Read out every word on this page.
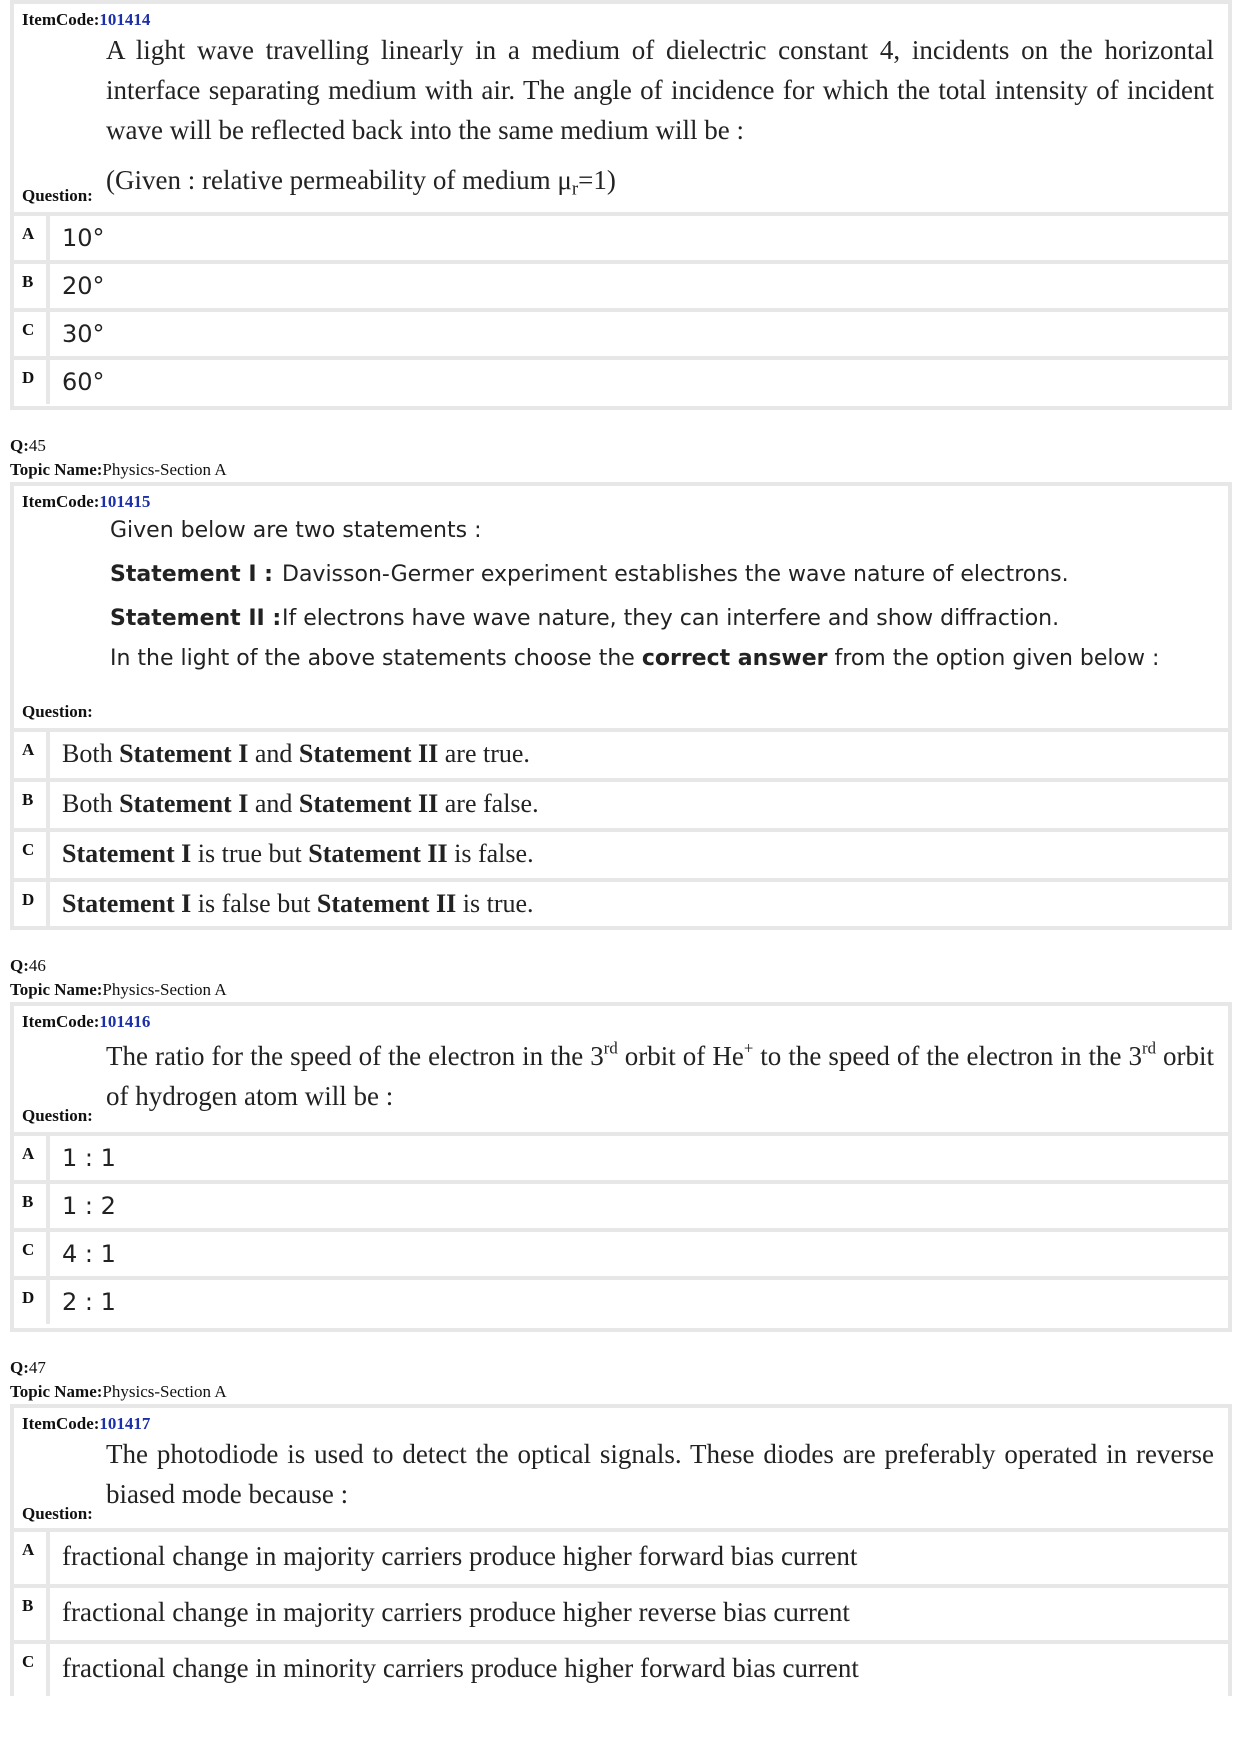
ItemCode:101414
A light wave travelling linearly in a medium of dielectric constant 4, incidents on the horizontal interface separating medium with air. The angle of incidence for which the total intensity of incident wave will be reflected back into the same medium will be :
(Given : relative permeability of medium $\mu_r=1$)
Question:
A 10°
B 20°
C 30°
D 60°
Q:45
Topic Name:Physics-Section A
ItemCode:101415
Given below are two statements :
Statement I : Davisson-Germer experiment establishes the wave nature of electrons.
Statement II :If electrons have wave nature, they can interfere and show diffraction.
In the light of the above statements choose the correct answer from the option given below :
Question:
A Both Statement I and Statement II are true.
B Both Statement I and Statement II are false.
C Statement I is true but Statement II is false.
D Statement I is false but Statement II is true.
Q:46
Topic Name:Physics-Section A
ItemCode:101416
The ratio for the speed of the electron in the 3rd orbit of He+ to the speed of the electron in the 3rd orbit of hydrogen atom will be :
Question:
A 1 : 1
B 1 : 2
C 4 : 1
D 2 : 1
Q:47
Topic Name:Physics-Section A
ItemCode:101417
The photodiode is used to detect the optical signals. These diodes are preferably operated in reverse biased mode because :
Question:
A fractional change in majority carriers produce higher forward bias current
B fractional change in majority carriers produce higher reverse bias current
C fractional change in minority carriers produce higher forward bias current
